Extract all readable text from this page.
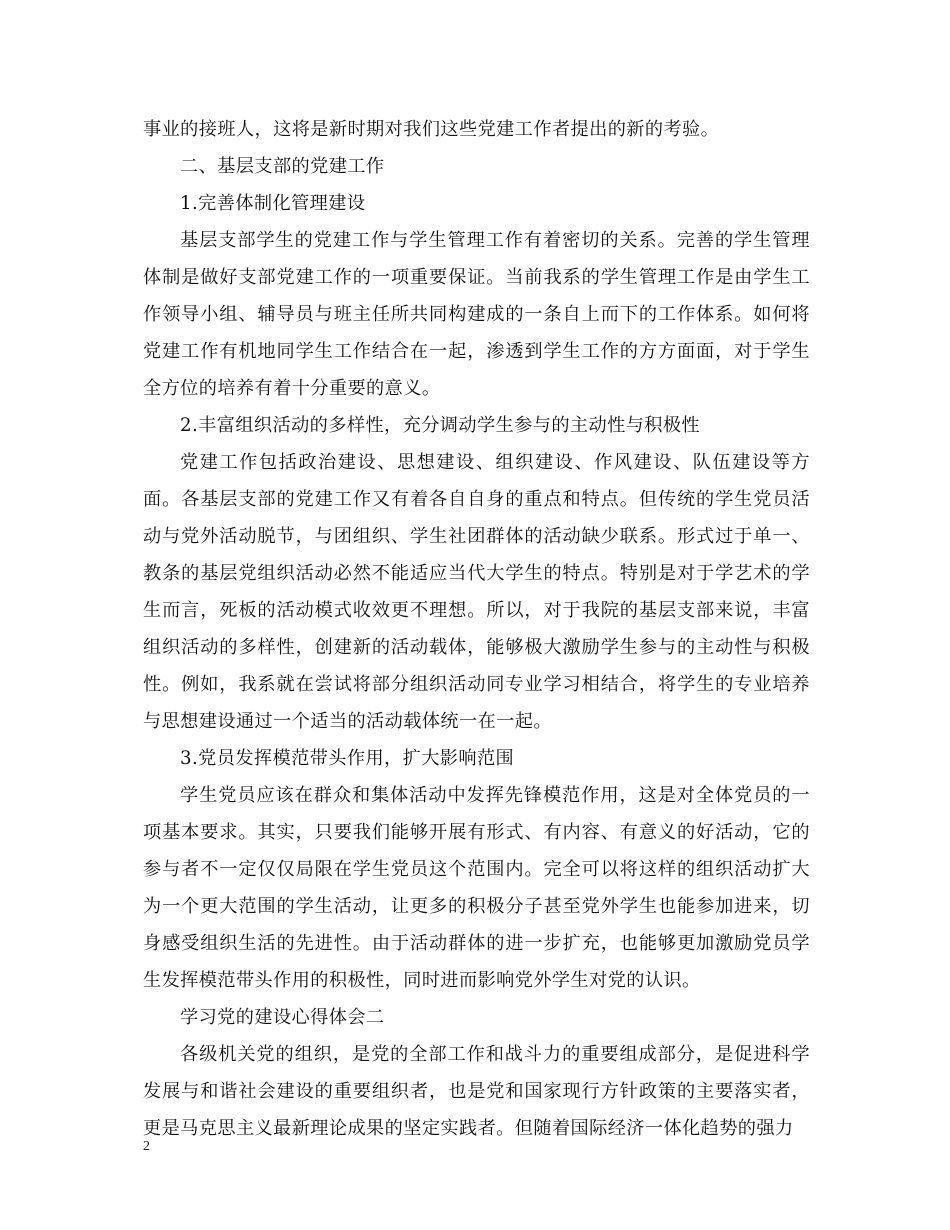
事业的接班人，这将是新时期对我们这些党建工作者提出的新的考验。

二、基层支部的党建工作

1.完善体制化管理建设

基层支部学生的党建工作与学生管理工作有着密切的关系。完善的学生管理体制是做好支部党建工作的一项重要保证。当前我系的学生管理工作是由学生工作领导小组、辅导员与班主任所共同构建成的一条自上而下的工作体系。如何将党建工作有机地同学生工作结合在一起，渗透到学生工作的方方面面，对于学生全方位的培养有着十分重要的意义。

2.丰富组织活动的多样性，充分调动学生参与的主动性与积极性

党建工作包括政治建设、思想建设、组织建设、作风建设、队伍建设等方面。各基层支部的党建工作又有着各自自身的重点和特点。但传统的学生党员活动与党外活动脱节，与团组织、学生社团群体的活动缺少联系。形式过于单一、教条的基层党组织活动必然不能适应当代大学生的特点。特别是对于学艺术的学生而言，死板的活动模式收效更不理想。所以，对于我院的基层支部来说，丰富组织活动的多样性，创建新的活动载体，能够极大激励学生参与的主动性与积极性。例如，我系就在尝试将部分组织活动同专业学习相结合，将学生的专业培养与思想建设通过一个适当的活动载体统一在一起。

3.党员发挥模范带头作用，扩大影响范围

学生党员应该在群众和集体活动中发挥先锋模范作用，这是对全体党员的一项基本要求。其实，只要我们能够开展有形式、有内容、有意义的好活动，它的参与者不一定仅仅局限在学生党员这个范围内。完全可以将这样的组织活动扩大为一个更大范围的学生活动，让更多的积极分子甚至党外学生也能参加进来，切身感受组织生活的先进性。由于活动群体的进一步扩充，也能够更加激励党员学生发挥模范带头作用的积极性，同时进而影响党外学生对党的认识。

学习党的建设心得体会二

各级机关党的组织，是党的全部工作和战斗力的重要组成部分，是促进科学发展与和谐社会建设的重要组织者，也是党和国家现行方针政策的主要落实者，更是马克思主义最新理论成果的坚定实践者。但随着国际经济一体化趋势的强力

2
